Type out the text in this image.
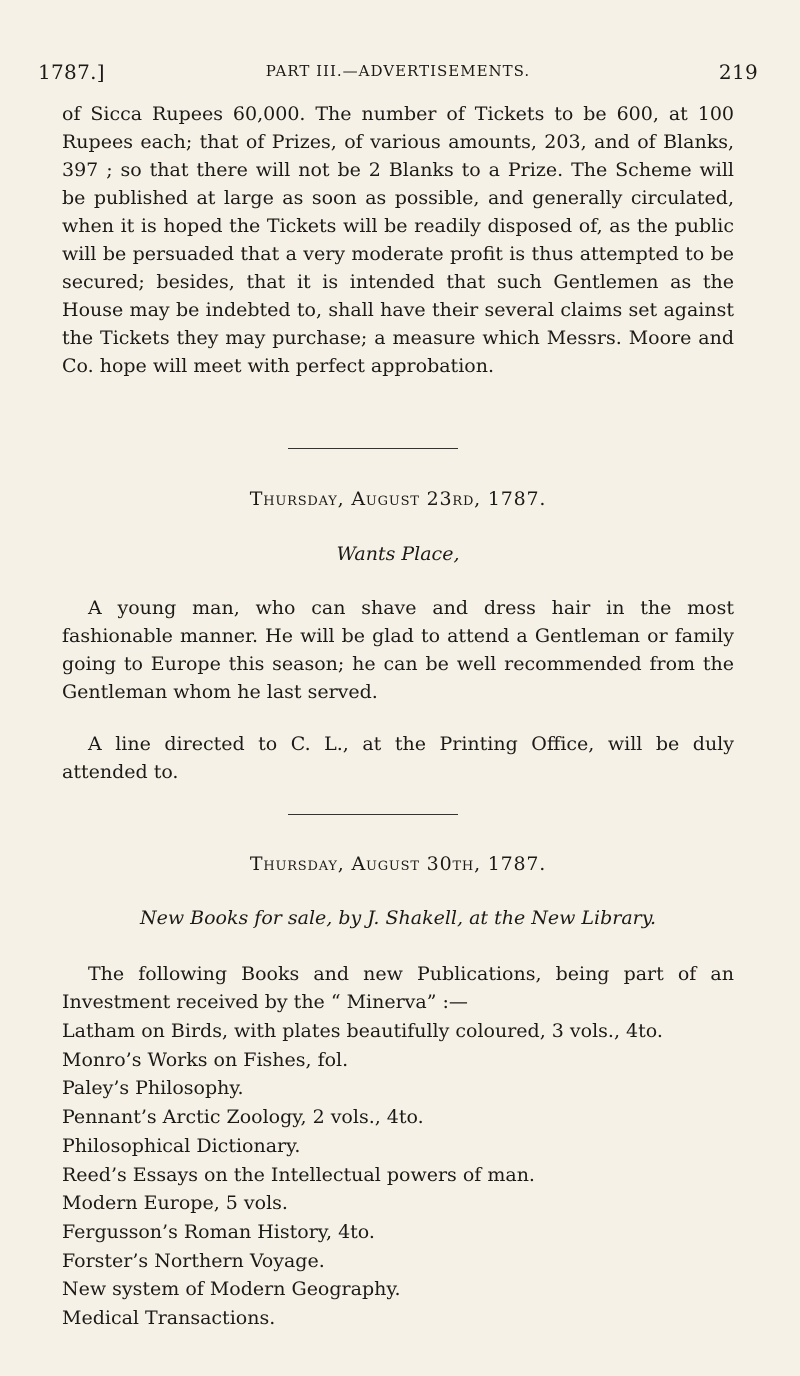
1787.]	PART III.—ADVERTISEMENTS.	219

of Sicca Rupees 60,000. The number of Tickets to be 600, at 100 Rupees each; that of Prizes, of various amounts, 203, and of Blanks, 397 ; so that there will not be 2 Blanks to a Prize. The Scheme will be published at large as soon as possible, and generally circulated, when it is hoped the Tickets will be readily disposed of, as the public will be persuaded that a very moderate profit is thus attempted to be secured; besides, that it is intended that such Gentlemen as the House may be indebted to, shall have their several claims set against the Tickets they may purchase; a measure which Messrs. Moore and Co. hope will meet with perfect approbation.

Thursday, August 23rd, 1787.
Wants Place,

A young man, who can shave and dress hair in the most fashionable manner. He will be glad to attend a Gentleman or family going to Europe this season; he can be well recommended from the Gentleman whom he last served.

A line directed to C. L., at the Printing Office, will be duly attended to.

Thursday, August 30th, 1787.
New Books for sale, by J. Shakell, at the New Library.

The following Books and new Publications, being part of an Investment received by the “ Minerva” :—

Latham on Birds, with plates beautifully coloured, 3 vols., 4to.
Monro’s Works on Fishes, fol.
Paley’s Philosophy.
Pennant’s Arctic Zoology, 2 vols., 4to.
Philosophical Dictionary.
Reed’s Essays on the Intellectual powers of man.
Modern Europe, 5 vols.
Fergusson’s Roman History, 4to.
Forster’s Northern Voyage.
New system of Modern Geography.
Medical Transactions.
